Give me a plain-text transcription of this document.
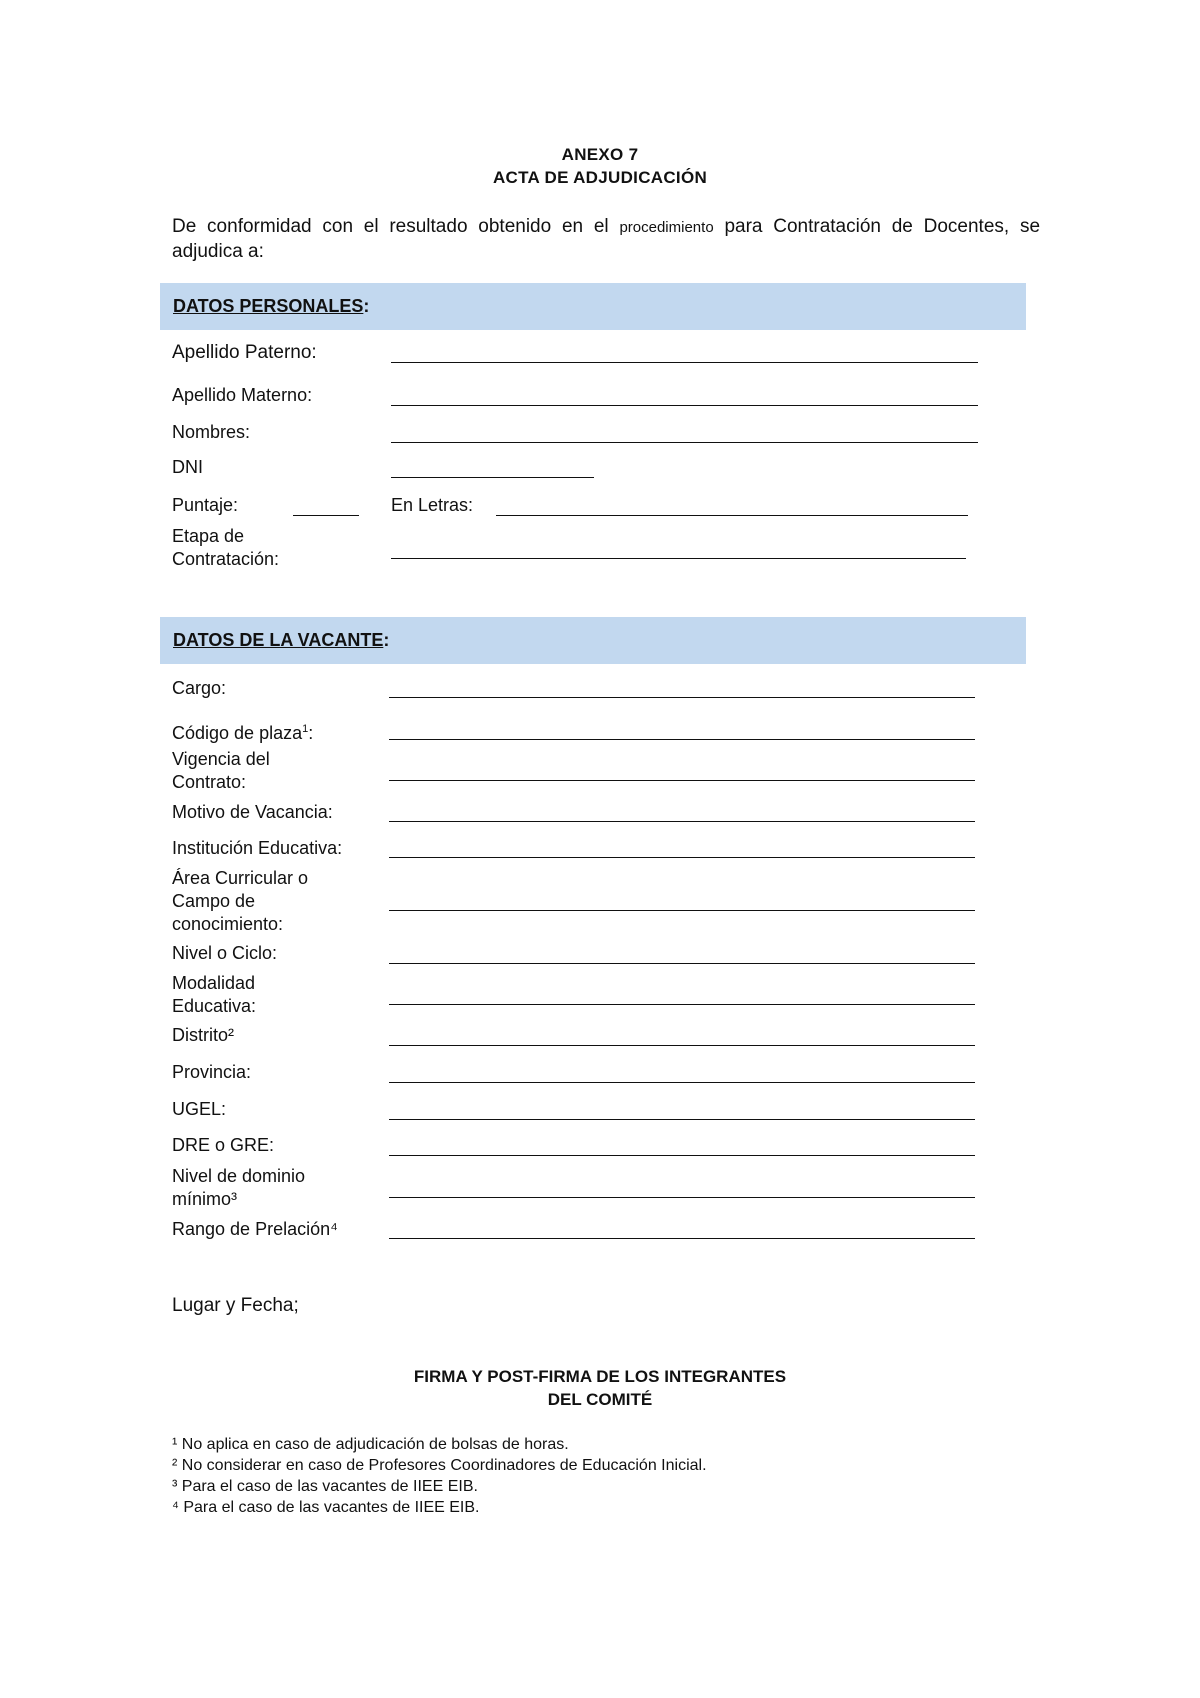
ANEXO 7
ACTA DE ADJUDICACIÓN
De conformidad con el resultado obtenido en el procedimiento para Contratación de Docentes, se adjudica a:
DATOS PERSONALES:
Apellido Paterno:
Apellido Materno:
Nombres:
DNI
Puntaje:	En Letras:
Etapa de
Contratación:
DATOS DE LA VACANTE:
Cargo:
Código de plaza$^1$:
Vigencia del
Contrato:
Motivo de Vacancia:
Institución Educativa:
Área Curricular o
Campo de
conocimiento:
Nivel o Ciclo:
Modalidad
Educativa:
Distrito²
Provincia:
UGEL:
DRE o GRE:
Nivel de dominio
mínimo³
Rango de Prelación⁴
Lugar y Fecha;
FIRMA Y POST-FIRMA DE LOS INTEGRANTES
DEL COMITÉ
¹ No aplica en caso de adjudicación de bolsas de horas.
² No considerar en caso de Profesores Coordinadores de Educación Inicial.
³ Para el caso de las vacantes de IIEE EIB.
⁴ Para el caso de las vacantes de IIEE EIB.
